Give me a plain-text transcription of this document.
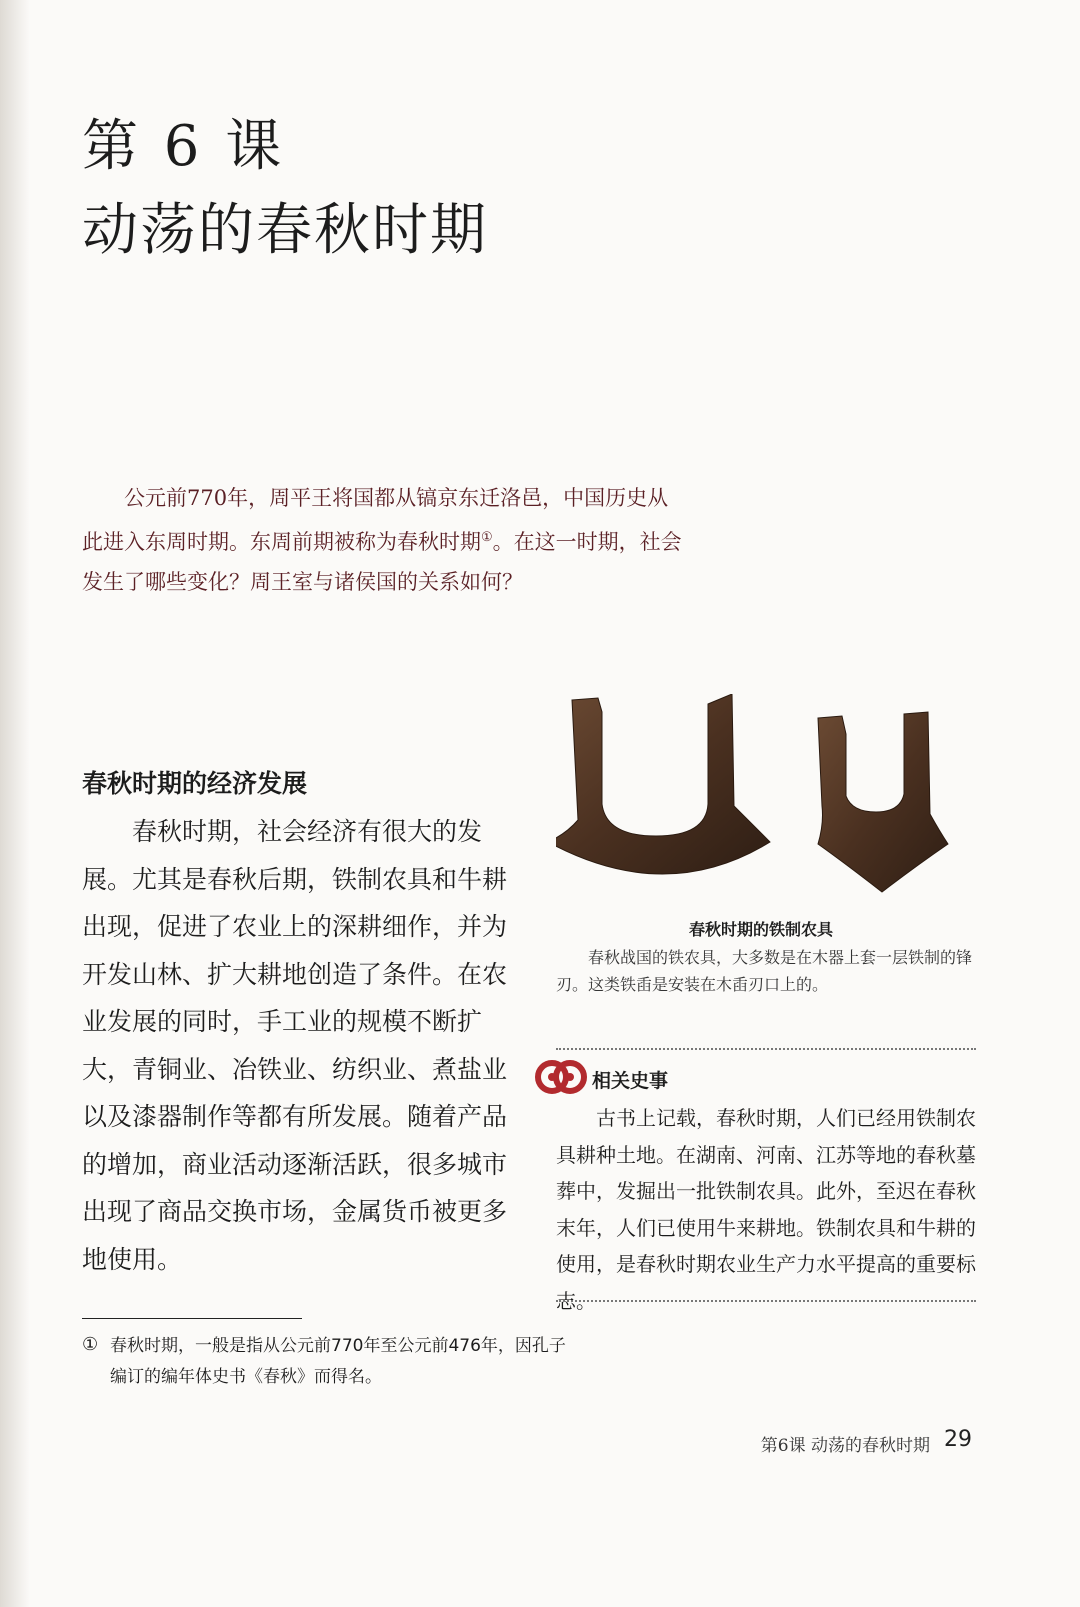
第 6 课
动荡的春秋时期

公元前770年，周平王将国都从镐京东迁洛邑，中国历史从此进入东周时期。东周前期被称为春秋时期①。在这一时期，社会发生了哪些变化？周王室与诸侯国的关系如何？

春秋时期的经济发展

春秋时期，社会经济有很大的发展。尤其是春秋后期，铁制农具和牛耕出现，促进了农业上的深耕细作，并为开发山林、扩大耕地创造了条件。在农业发展的同时，手工业的规模不断扩大，青铜业、冶铁业、纺织业、煮盐业以及漆器制作等都有所发展。随着产品的增加，商业活动逐渐活跃，很多城市出现了商品交换市场，金属货币被更多地使用。

春秋时期的铁制农具

春秋战国的铁农具，大多数是在木器上套一层铁制的锋刃。这类铁臿是安装在木臿刃口上的。

相关史事

古书上记载，春秋时期，人们已经用铁制农具耕种土地。在湖南、河南、江苏等地的春秋墓葬中，发掘出一批铁制农具。此外，至迟在春秋末年，人们已使用牛来耕地。铁制农具和牛耕的使用，是春秋时期农业生产力水平提高的重要标志。

① 春秋时期，一般是指从公元前770年至公元前476年，因孔子编订的编年体史书《春秋》而得名。
第6课 动荡的春秋时期 29
